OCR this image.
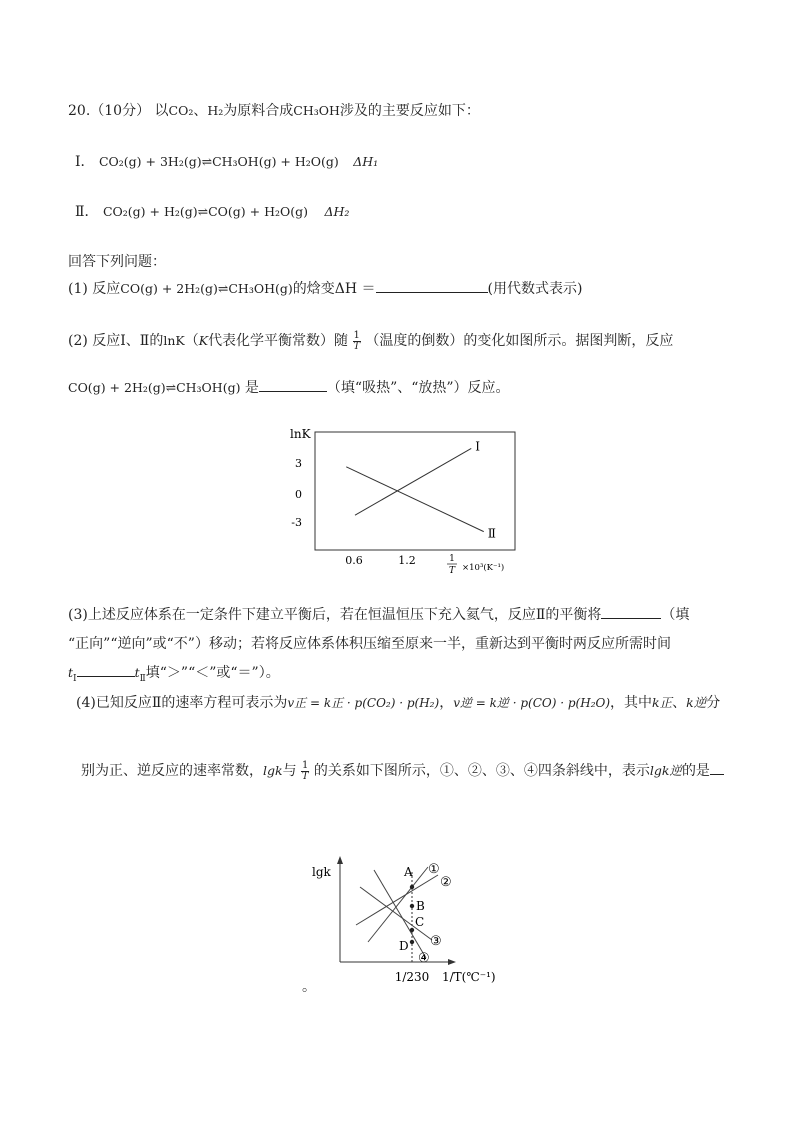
20.（10分） 以CO₂、H₂为原料合成CH₃OH涉及的主要反应如下：
Ⅰ． CO₂(g) + 3H₂(g)⇌CH₃OH(g) + H₂O(g) ΔH₁
Ⅱ． CO₂(g) + H₂(g)⇌CO(g) + H₂O(g) ΔH₂
回答下列问题：
(1) 反应CO(g) + 2H₂(g)⇌CH₃OH(g)的焓变ΔH ＝	(用代数式表示)
(2) 反应Ⅰ、Ⅱ的lnK（K代表化学平衡常数）随 $\frac{1}{T}$ （温度的倒数）的变化如图所示。据图判断，反应
CO(g) + 2H₂(g)⇌CH₃OH(g) 是	（填“吸热”、“放热”）反应。
lnK
3
0
-3
0.6	1.2	1
T ×10³(K⁻¹)
Ⅰ
Ⅱ
(3)上述反应体系在一定条件下建立平衡后，若在恒温恒压下充入氦气，反应Ⅱ的平衡将	（填
“正向”“逆向”或“不”）移动；若将反应体系体积压缩至原来一半，重新达到平衡时两反应所需时间
$t_Ⅰ$	$t_Ⅱ$填“＞”“＜”或“＝”）。
(4)已知反应Ⅱ的速率方程可表示为v正 = k正 · p(CO₂) · p(H₂)，v逆 = k逆 · p(CO) · p(H₂O)，其中k正、k逆分
别为正、逆反应的速率常数，lgk与 $\frac{1}{T}$ 的关系如下图所示，①、②、③、④四条斜线中，表示lgk逆的是
lgk
1/T(℃⁻¹)
1/230
A
B
C
D
①
②
③
④
。
